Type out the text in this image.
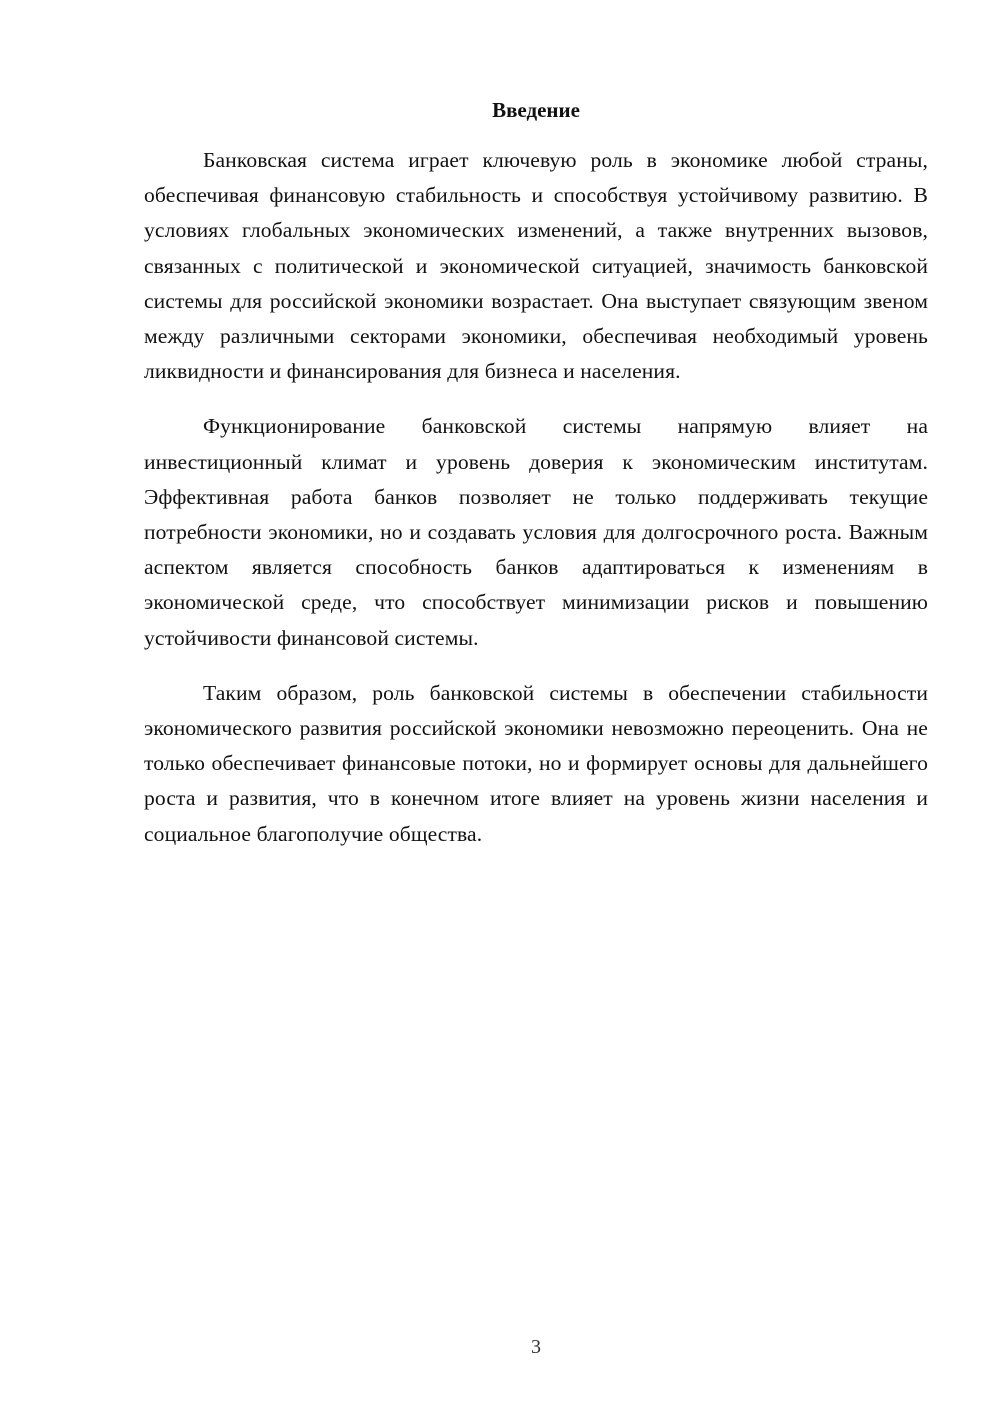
Введение

Банковская система играет ключевую роль в экономике любой страны, обеспечивая финансовую стабильность и способствуя устойчивому развитию. В условиях глобальных экономических изменений, а также внутренних вызовов, связанных с политической и экономической ситуацией, значимость банковской системы для российской экономики возрастает. Она выступает связующим звеном между различными секторами экономики, обеспечивая необходимый уровень ликвидности и финансирования для бизнеса и населения.

Функционирование банковской системы напрямую влияет на инвестиционный климат и уровень доверия к экономическим институтам. Эффективная работа банков позволяет не только поддерживать текущие потребности экономики, но и создавать условия для долгосрочного роста. Важным аспектом является способность банков адаптироваться к изменениям в экономической среде, что способствует минимизации рисков и повышению устойчивости финансовой системы.

Таким образом, роль банковской системы в обеспечении стабильности экономического развития российской экономики невозможно переоценить. Она не только обеспечивает финансовые потоки, но и формирует основы для дальнейшего роста и развития, что в конечном итоге влияет на уровень жизни населения и социальное благополучие общества.

3
